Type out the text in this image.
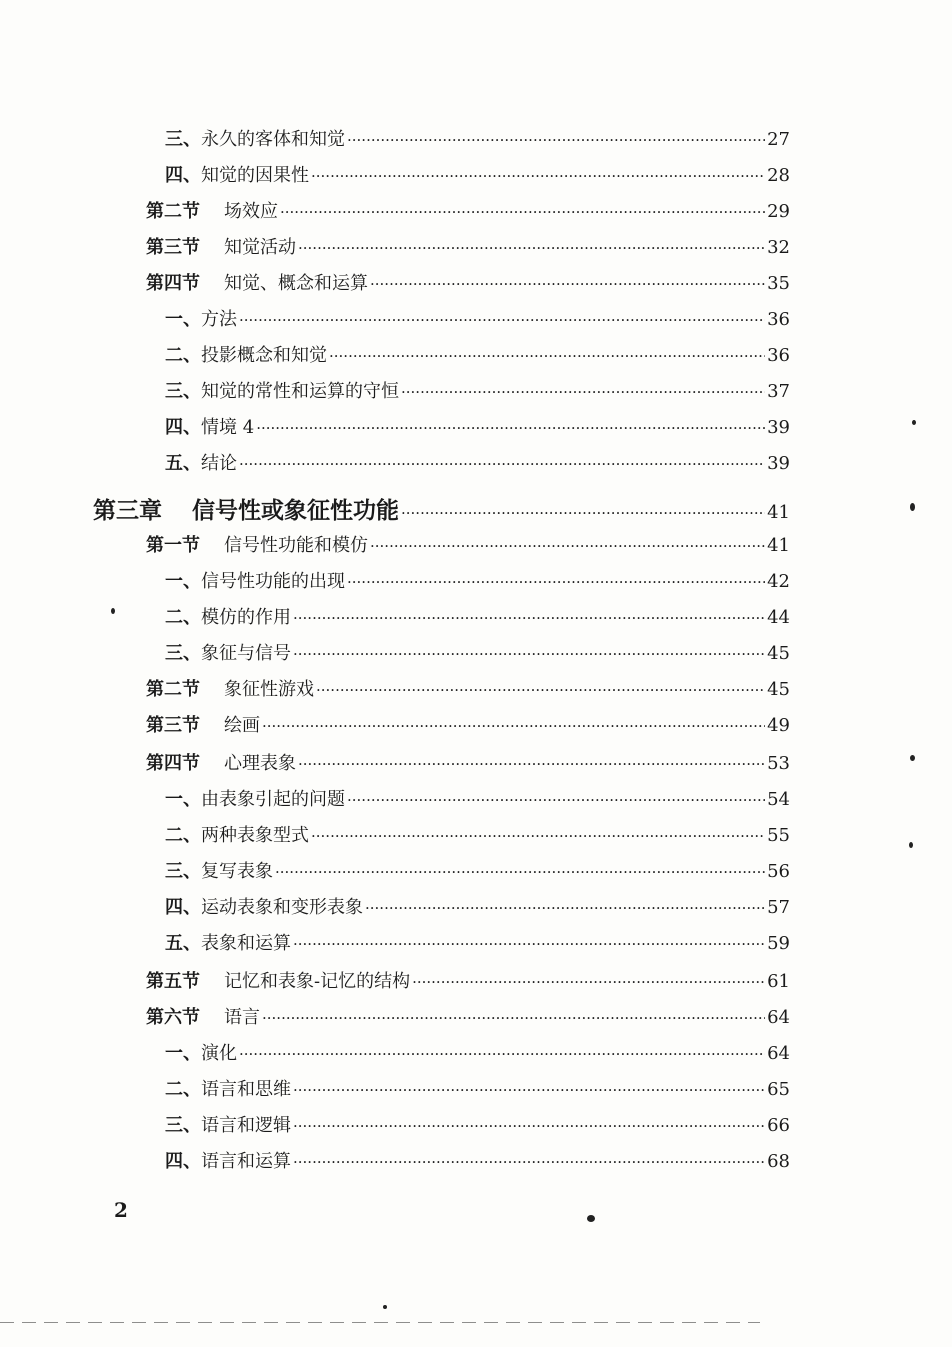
三、 永久的客体和知觉 ·····	27
四、 知觉的因果性 ·····	28
第二节 场效应 ·····	29
第三节 知觉活动 ·····	32
第四节 知觉、概念和运算 ·····	35
一、 方法 ·····	36
二、 投影概念和知觉 ·····	36
三、 知觉的常性和运算的守恒 ·····	37
四、 情境 4 ·····	39
五、 结论 ·····	39
第三章 信号性或象征性功能 ·····	41
第一节 信号性功能和模仿 ·····	41
一、 信号性功能的出现 ·····	42
二、 模仿的作用 ·····	44
三、 象征与信号 ·····	45
第二节 象征性游戏 ·····	45
第三节 绘画 ·····	49
第四节 心理表象 ·····	53
一、 由表象引起的问题 ·····	54
二、 两种表象型式 ·····	55
三、 复写表象 ·····	56
四、 运动表象和变形表象 ·····	57
五、 表象和运算 ·····	59
第五节 记忆和表象-记忆的结构 ·····	61
第六节 语言 ·····	64
一、 演化 ·····	64
二、 语言和思维 ·····	65
三、 语言和逻辑 ·····	66
四、 语言和运算 ·····	68
2
